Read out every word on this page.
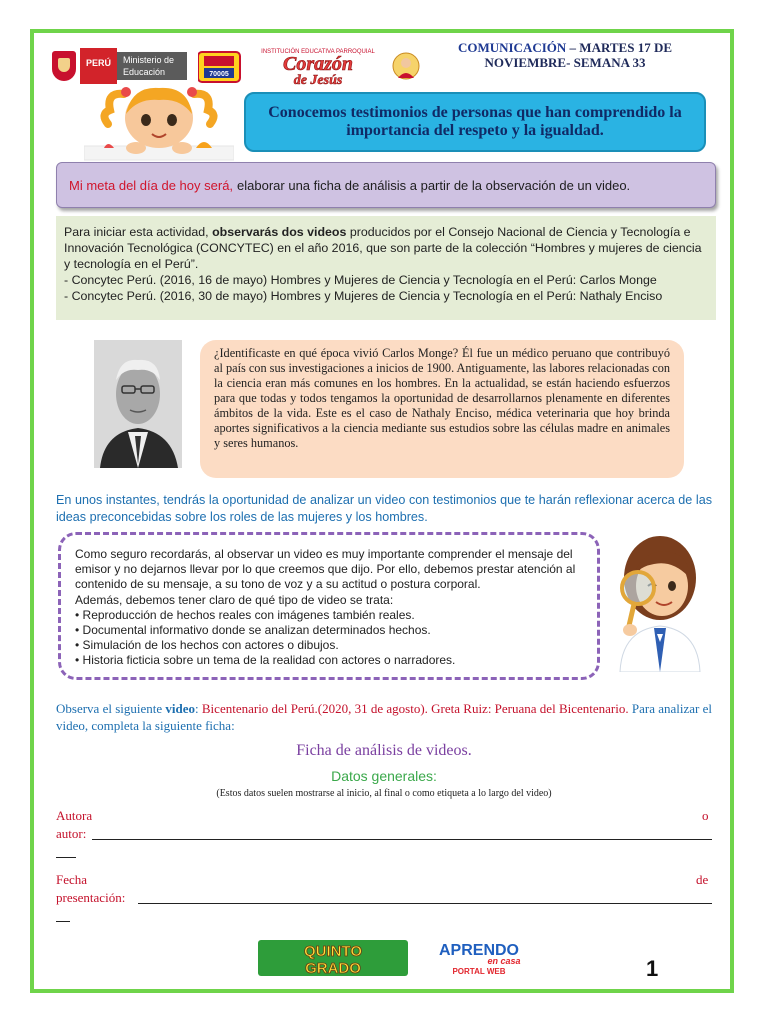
PERÚ	Ministerio de Educación	70005
INSTITUCIÓN EDUCATIVA PARROQUIAL
Corazón
de Jesús
COMUNICACIÓN – MARTES 17 DE NOVIEMBRE- SEMANA 33
Conocemos testimonios de personas que han comprendido la importancia del respeto y la igualdad.
Mi meta del día de hoy será, elaborar una ficha de análisis a partir de la observación de un video.

Para iniciar esta actividad, observarás dos videos producidos por el Consejo Nacional de Ciencia y Tecnología e Innovación Tecnológica (CONCYTEC) en el año 2016, que son parte de la colección “Hombres y mujeres de ciencia y tecnología en el Perú”.

- Concytec Perú. (2016, 16 de mayo) Hombres y Mujeres de Ciencia y Tecnología en el Perú: Carlos Monge

- Concytec Perú. (2016, 30 de mayo) Hombres y Mujeres de Ciencia y Tecnología en el Perú: Nathaly Enciso

¿Identificaste en qué época vivió Carlos Monge? Él fue un médico peruano que contribuyó al país con sus investigaciones a inicios de 1900. Antiguamente, las labores relacionadas con la ciencia eran más comunes en los hombres. En la actualidad, se están haciendo esfuerzos para que todas y todos tengamos la oportunidad de desarrollarnos plenamente en diferentes ámbitos de la vida. Este es el caso de Nathaly Enciso, médica veterinaria que hoy brinda aportes significativos a la ciencia mediante sus estudios sobre las células madre en animales y seres humanos.
En unos instantes, tendrás la oportunidad de analizar un video con testimonios que te harán reflexionar acerca de las ideas preconcebidas sobre los roles de las mujeres y los hombres.

Como seguro recordarás, al observar un video es muy importante comprender el mensaje del emisor y no dejarnos llevar por lo que creemos que dijo. Por ello, debemos prestar atención al contenido de su mensaje, a su tono de voz y a su actitud o postura corporal.

Además, debemos tener claro de qué tipo de video se trata:

• Reproducción de hechos reales con imágenes también reales.

• Documental informativo donde se analizan determinados hechos.

• Simulación de los hechos con actores o dibujos.

• Historia ficticia sobre un tema de la realidad con actores o narradores.

Observa el siguiente video: Bicentenario del Perú.(2020, 31 de agosto). Greta Ruiz: Peruana del Bicentenario. Para analizar el video, completa la siguiente ficha:
Ficha de análisis de videos.
Datos generales:
(Estos datos suelen mostrarse al inicio, al final o como etiqueta a lo largo del video)
Autora	o
autor:
Fecha	de
presentación:
QUINTO
GRADO
APRENDO
en casa
PORTAL WEB	1
